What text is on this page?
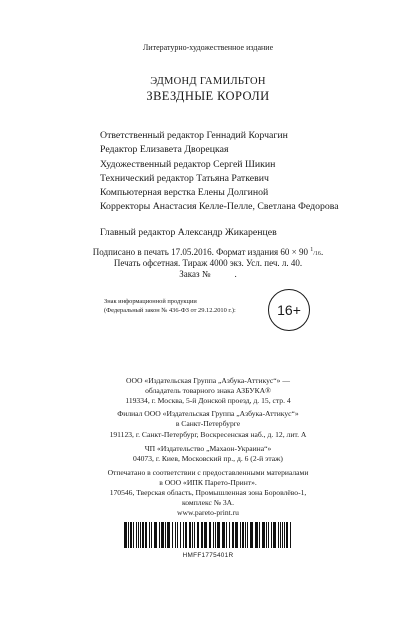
Литературно-художественное издание
ЭДМОНД ГАМИЛЬТОН
ЗВЕЗДНЫЕ КОРОЛИ
Ответственный редактор Геннадий Корчагин
Редактор Елизавета Дворецкая
Художественный редактор Сергей Шикин
Технический редактор Татьяна Раткевич
Компьютерная верстка Елены Долгиной
Корректоры Анастасия Келле-Пелле, Светлана Федорова
Главный редактор Александр Жикаренцев
Подписано в печать 17.05.2016. Формат издания 60 × 90 $^1$/16.
Печать офсетная. Тираж 4000 экз. Усл. печ. л. 40.
Заказ №	.
Знак информационной продукции
(Федеральный закон № 436-ФЗ от 29.12.2010 г.):	16+
ООО «Издательская Группа „Азбука-Аттикус“» —
обладатель товарного знака АЗБУКА®
119334, г. Москва, 5-й Донской проезд, д. 15, стр. 4
Филиал ООО «Издательская Группа „Азбука-Аттикус“»
в Санкт-Петербурге
191123, г. Санкт-Петербург, Воскресенская наб., д. 12, лит. А
ЧП «Издательство „Махаон-Украина“»
04073, г. Киев, Московский пр., д. 6 (2-й этаж)
Отпечатано в соответствии с предоставленными материалами
в ООО «ИПК Парето-Принт».
170546, Тверская область, Промышленная зона Боровлёво-1,
комплекс № 3А.
www.pareto-print.ru
HMFF1775401R
